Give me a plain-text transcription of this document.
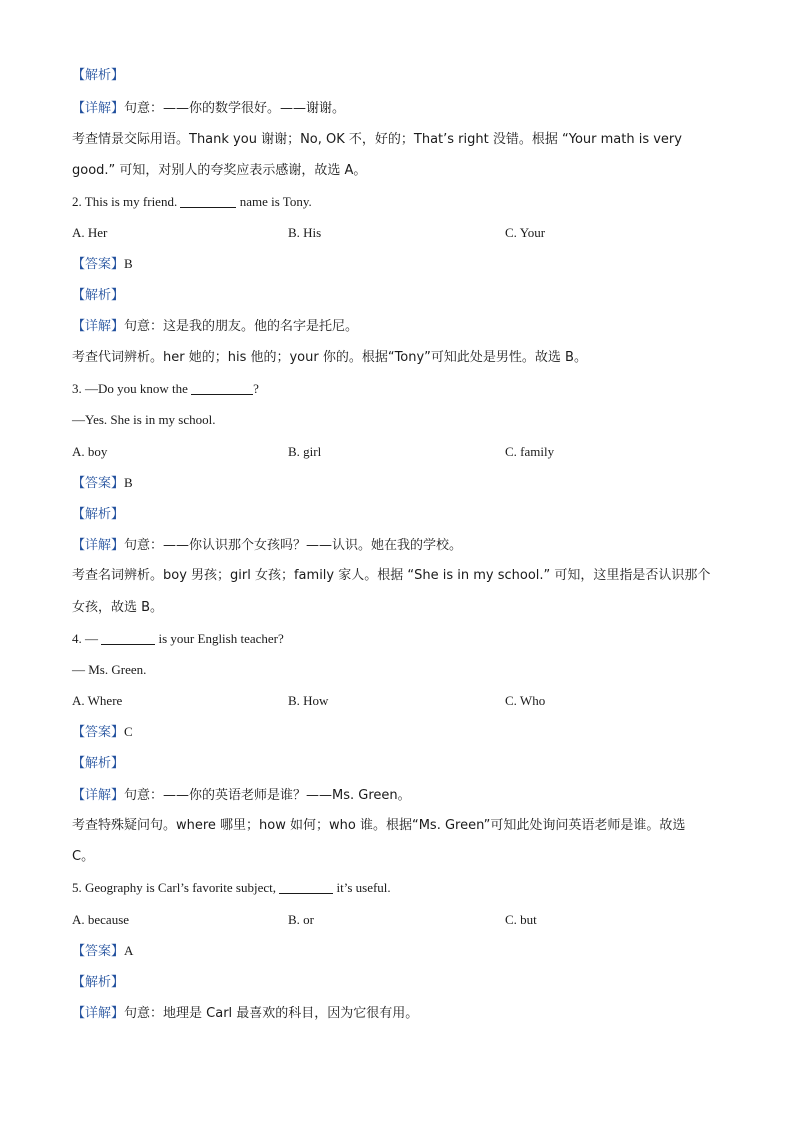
【解析】
【详解】句意：——你的数学很好。——谢谢。
考查情景交际用语。Thank you 谢谢；No, OK 不，好的；That’s right 没错。根据 “Your math is very
good.” 可知，对别人的夸奖应表示感谢，故选 A。
2. This is my friend.	name is Tony.
A. Her	B. His	C. Your
【答案】B
【解析】
【详解】句意：这是我的朋友。他的名字是托尼。
考查代词辨析。her 她的；his 他的；your 你的。根据“Tony”可知此处是男性。故选 B。
3. —Do you know the	?
—Yes. She is in my school.
A. boy	B. girl	C. family
【答案】B
【解析】
【详解】句意：——你认识那个女孩吗？——认识。她在我的学校。
考查名词辨析。boy 男孩；girl 女孩；family 家人。根据 “She is in my school.” 可知，这里指是否认识那个
女孩，故选 B。
4. —	is your English teacher?
— Ms. Green.
A. Where	B. How	C. Who
【答案】C
【解析】
【详解】句意：——你的英语老师是谁？——Ms. Green。
考查特殊疑问句。where 哪里；how 如何；who 谁。根据“Ms. Green”可知此处询问英语老师是谁。故选
C。
5. Geography is Carl’s favorite subject,	it’s useful.
A. because	B. or	C. but
【答案】A
【解析】
【详解】句意：地理是 Carl 最喜欢的科目，因为它很有用。
